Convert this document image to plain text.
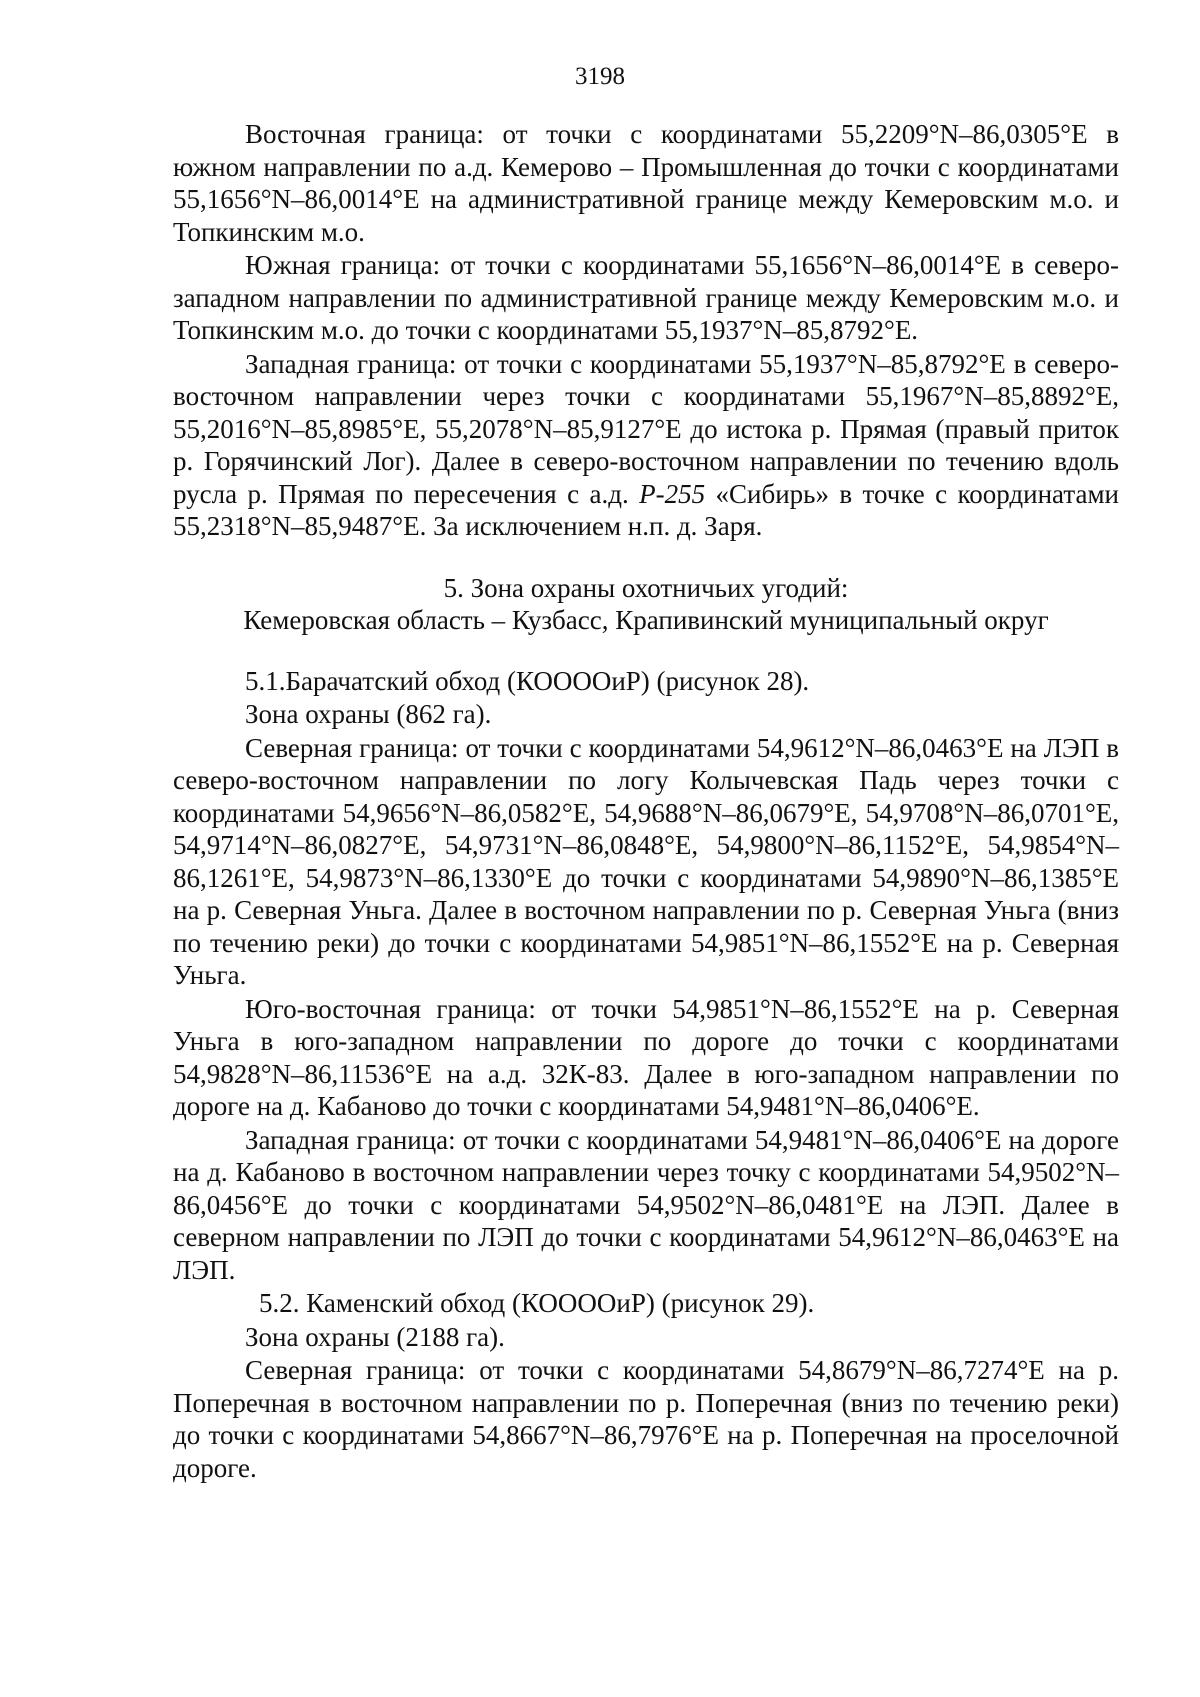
3198

Восточная граница: от точки с координатами 55,2209°N–86,0305°E в южном направлении по а.д. Кемерово – Промышленная до точки с координатами 55,1656°N–86,0014°E на административной границе между Кемеровским м.о. и Топкинским м.о.

Южная граница: от точки с координатами 55,1656°N–86,0014°E в северо-западном направлении по административной границе между Кемеровским м.о. и Топкинским м.о. до точки с координатами 55,1937°N–85,8792°E.

Западная граница: от точки с координатами 55,1937°N–85,8792°E в северо-восточном направлении через точки с координатами 55,1967°N–85,8892°E, 55,2016°N–85,8985°E, 55,2078°N–85,9127°E до истока р. Прямая (правый приток р. Горячинский Лог). Далее в северо-восточном направлении по течению вдоль русла р. Прямая по пересечения с а.д. Р-255 «Сибирь» в точке с координатами 55,2318°N–85,9487°E. За исключением н.п. д. Заря.

5. Зона охраны охотничьих угодий:

Кемеровская область – Кузбасс, Крапивинский муниципальный округ

5.1.Барачатский обход (КООООиР) (рисунок 28).

Зона охраны (862 га).

Северная граница: от точки с координатами 54,9612°N–86,0463°E на ЛЭП в северо-восточном направлении по логу Колычевская Падь через точки с координатами 54,9656°N–86,0582°E, 54,9688°N–86,0679°E, 54,9708°N–86,0701°E, 54,9714°N–86,0827°E, 54,9731°N–86,0848°E, 54,9800°N–86,1152°E, 54,9854°N–86,1261°E, 54,9873°N–86,1330°E до точки с координатами 54,9890°N–86,1385°E на р. Северная Уньга. Далее в восточном направлении по р. Северная Уньга (вниз по течению реки) до точки с координатами 54,9851°N–86,1552°E на р. Северная Уньга.

Юго-восточная граница: от точки 54,9851°N–86,1552°E на р. Северная Уньга в юго-западном направлении по дороге до точки с координатами 54,9828°N–86,11536°E на а.д. 32К-83. Далее в юго-западном направлении по дороге на д. Кабаново до точки с координатами 54,9481°N–86,0406°E.

Западная граница: от точки с координатами 54,9481°N–86,0406°E на дороге на д. Кабаново в восточном направлении через точку с координатами 54,9502°N–86,0456°E до точки с координатами 54,9502°N–86,0481°E на ЛЭП. Далее в северном направлении по ЛЭП до точки с координатами 54,9612°N–86,0463°E на ЛЭП.

5.2. Каменский обход (КООООиР) (рисунок 29).

Зона охраны (2188 га).

Северная граница: от точки с координатами 54,8679°N–86,7274°E на р. Поперечная в восточном направлении по р. Поперечная (вниз по течению реки) до точки с координатами 54,8667°N–86,7976°E на р. Поперечная на проселочной дороге.
